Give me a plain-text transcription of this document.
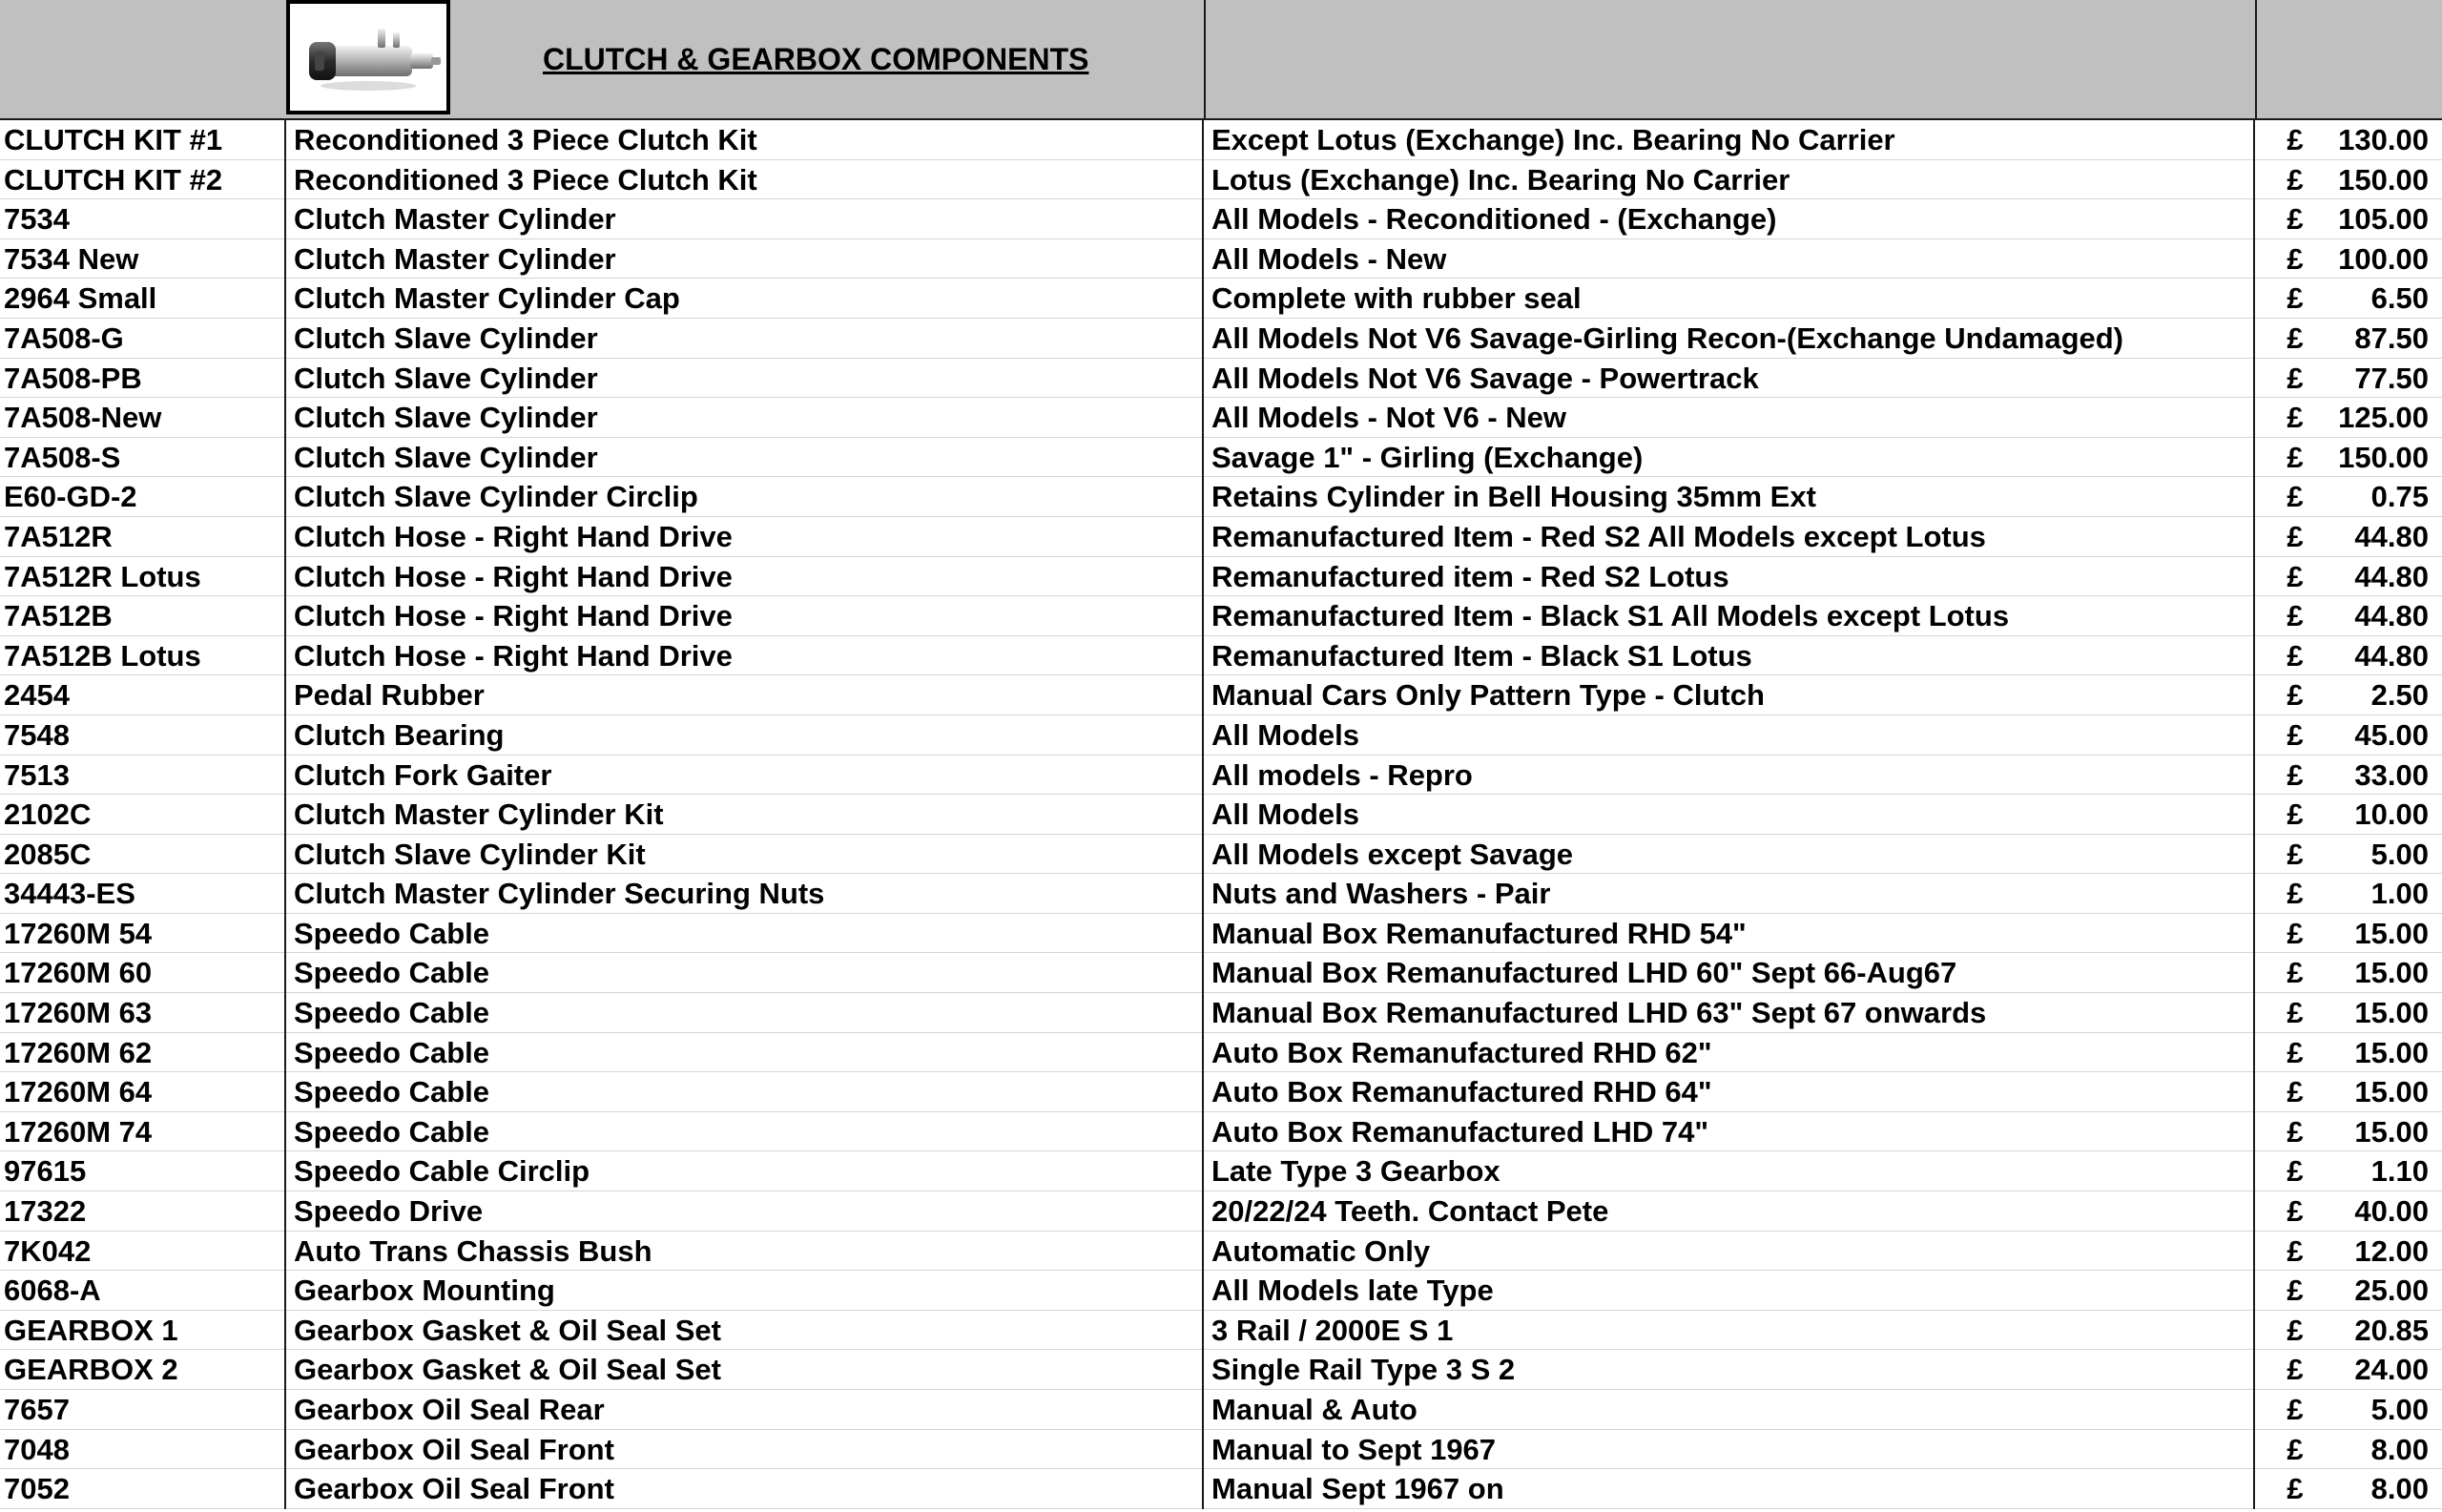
CLUTCH & GEARBOX COMPONENTS
CLUTCH KIT #1	Reconditioned 3 Piece Clutch Kit	Except Lotus (Exchange) Inc. Bearing No Carrier	£	130.00
CLUTCH KIT #2	Reconditioned 3 Piece Clutch Kit	Lotus (Exchange) Inc. Bearing No Carrier	£	150.00
7534	Clutch Master Cylinder	All Models - Reconditioned - (Exchange)	£	105.00
7534 New	Clutch Master Cylinder	All Models - New	£	100.00
2964 Small	Clutch Master Cylinder Cap	Complete with rubber seal	£	6.50
7A508-G	Clutch Slave Cylinder	All Models Not V6 Savage-Girling Recon-(Exchange Undamaged)	£	87.50
7A508-PB	Clutch Slave Cylinder	All Models Not V6 Savage - Powertrack	£	77.50
7A508-New	Clutch Slave Cylinder	All Models - Not V6 - New	£	125.00
7A508-S	Clutch Slave Cylinder	Savage 1" - Girling (Exchange)	£	150.00
E60-GD-2	Clutch Slave Cylinder Circlip	Retains Cylinder in Bell Housing 35mm Ext	£	0.75
7A512R	Clutch Hose - Right Hand Drive	Remanufactured Item - Red S2 All Models except Lotus	£	44.80
7A512R Lotus	Clutch Hose - Right Hand Drive	Remanufactured item - Red S2 Lotus	£	44.80
7A512B	Clutch Hose - Right Hand Drive	Remanufactured Item - Black S1 All Models except Lotus	£	44.80
7A512B Lotus	Clutch Hose - Right Hand Drive	Remanufactured Item - Black S1 Lotus	£	44.80
2454	Pedal Rubber	Manual Cars Only Pattern Type - Clutch	£	2.50
7548	Clutch Bearing	All Models	£	45.00
7513	Clutch Fork Gaiter	All models - Repro	£	33.00
2102C	Clutch Master Cylinder Kit	All Models	£	10.00
2085C	Clutch Slave Cylinder Kit	All Models except Savage	£	5.00
34443-ES	Clutch Master Cylinder Securing Nuts	Nuts and Washers - Pair	£	1.00
17260M 54	Speedo Cable	Manual Box Remanufactured RHD 54"	£	15.00
17260M 60	Speedo Cable	Manual Box Remanufactured LHD 60" Sept 66-Aug67	£	15.00
17260M 63	Speedo Cable	Manual Box Remanufactured LHD 63" Sept 67 onwards	£	15.00
17260M 62	Speedo Cable	Auto Box Remanufactured RHD 62"	£	15.00
17260M 64	Speedo Cable	Auto Box Remanufactured RHD 64"	£	15.00
17260M 74	Speedo Cable	Auto Box Remanufactured LHD 74"	£	15.00
97615	Speedo Cable Circlip	Late Type 3 Gearbox	£	1.10
17322	Speedo Drive	20/22/24 Teeth. Contact Pete	£	40.00
7K042	Auto Trans Chassis Bush	Automatic Only	£	12.00
6068-A	Gearbox Mounting	All Models late Type	£	25.00
GEARBOX 1	Gearbox Gasket & Oil Seal Set	3 Rail / 2000E S 1	£	20.85
GEARBOX 2	Gearbox Gasket & Oil Seal Set	Single Rail Type 3 S 2	£	24.00
7657	Gearbox Oil Seal Rear	Manual & Auto	£	5.00
7048	Gearbox Oil Seal Front	Manual to Sept 1967	£	8.00
7052	Gearbox Oil Seal Front	Manual Sept 1967 on	£	8.00
